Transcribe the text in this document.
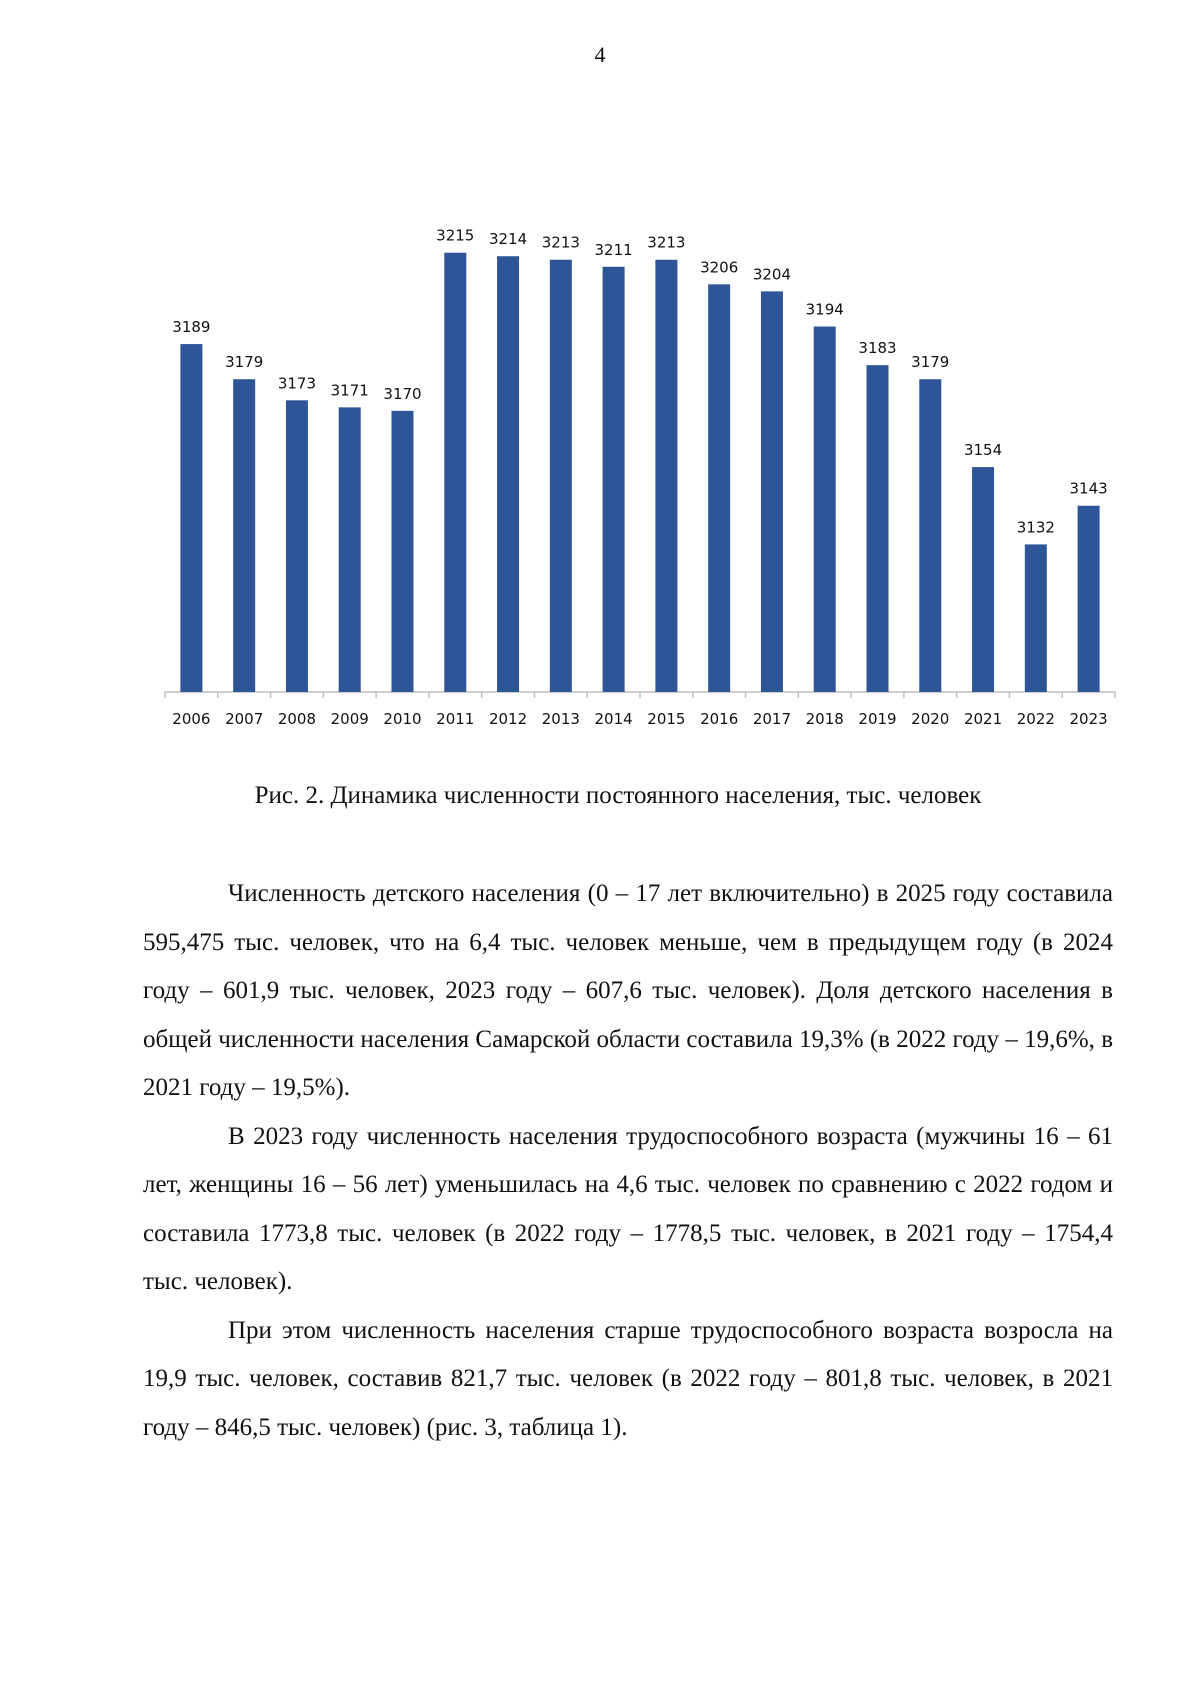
4
3189
2006
3179
2007
3173
2008
3171
2009
3170
2010
3215
2011
3214
2012
3213
2013
3211
2014
3213
2015
3206
2016
3204
2017
3194
2018
3183
2019
3179
2020
3154
2021
3132
2022
3143
2023
Рис. 2. Динамика численности постоянного населения, тыс. человек

Численность детского населения (0 – 17 лет включительно) в 2025 году составила 595,475 тыс. человек, что на 6,4 тыс. человек меньше, чем в предыдущем году (в 2024 году – 601,9 тыс. человек, 2023 году – 607,6 тыс. человек). Доля детского населения в общей численности населения Самарской области составила 19,3% (в 2022 году – 19,6%, в 2021 году – 19,5%).

В 2023 году численность населения трудоспособного возраста (мужчины 16 – 61 лет, женщины 16 – 56 лет) уменьшилась на 4,6 тыс. человек по сравнению с 2022 годом и составила 1773,8 тыс. человек (в 2022 году – 1778,5 тыс. человек, в 2021 году – 1754,4 тыс. человек).

При этом численность населения старше трудоспособного возраста возросла на 19,9 тыс. человек, составив 821,7 тыс. человек (в 2022 году – 801,8 тыс. человек, в 2021 году – 846,5 тыс. человек) (рис. 3, таблица 1).
